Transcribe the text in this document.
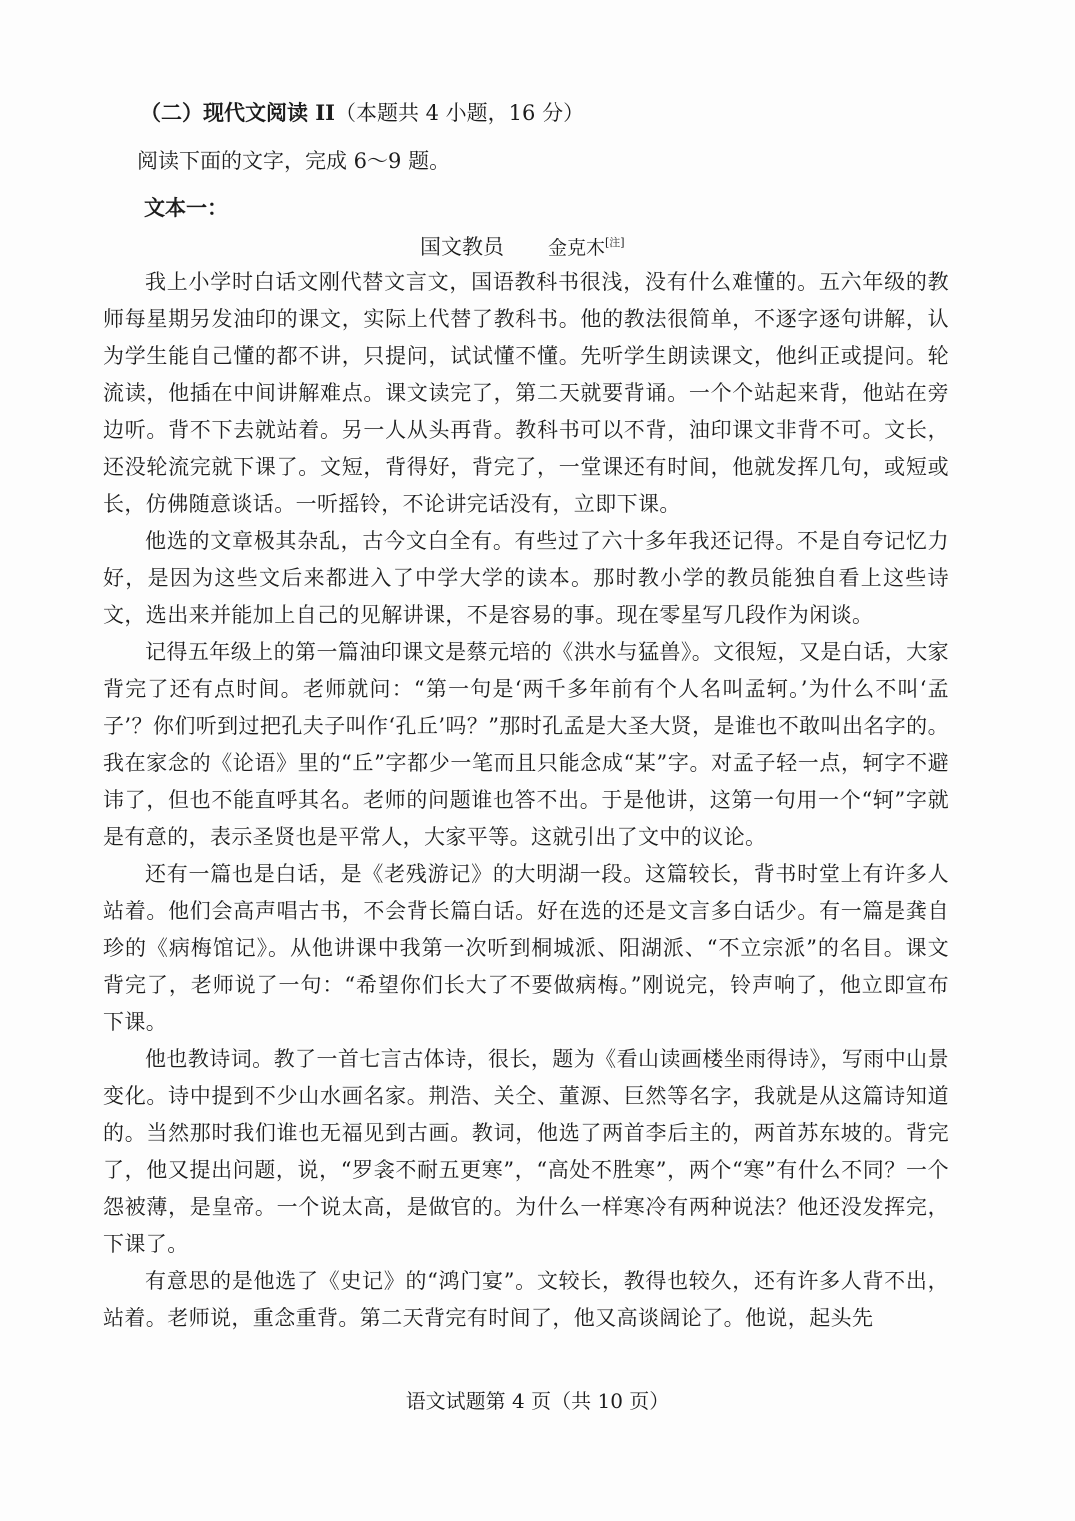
（二）现代文阅读 II（本题共 4 小题，16 分）
阅读下面的文字，完成 6～9 题。
文本一：
国文教员 金克木[注]

我上小学时白话文刚代替文言文，国语教科书很浅，没有什么难懂的。五六年级的教师每星期另发油印的课文，实际上代替了教科书。他的教法很简单，不逐字逐句讲解，认为学生能自己懂的都不讲，只提问，试试懂不懂。先听学生朗读课文，他纠正或提问。轮流读，他插在中间讲解难点。课文读完了，第二天就要背诵。一个个站起来背，他站在旁边听。背不下去就站着。另一人从头再背。教科书可以不背，油印课文非背不可。文长，还没轮流完就下课了。文短，背得好，背完了，一堂课还有时间，他就发挥几句，或短或长，仿佛随意谈话。一听摇铃，不论讲完话没有，立即下课。

他选的文章极其杂乱，古今文白全有。有些过了六十多年我还记得。不是自夸记忆力好，是因为这些文后来都进入了中学大学的读本。那时教小学的教员能独自看上这些诗文，选出来并能加上自己的见解讲课，不是容易的事。现在零星写几段作为闲谈。

记得五年级上的第一篇油印课文是蔡元培的《洪水与猛兽》。文很短，又是白话，大家背完了还有点时间。老师就问：“第一句是‘两千多年前有个人名叫孟轲。’为什么不叫‘孟子’？你们听到过把孔夫子叫作‘孔丘’吗？”那时孔孟是大圣大贤，是谁也不敢叫出名字的。我在家念的《论语》里的“丘”字都少一笔而且只能念成“某”字。对孟子轻一点，轲字不避讳了，但也不能直呼其名。老师的问题谁也答不出。于是他讲，这第一句用一个“轲”字就是有意的，表示圣贤也是平常人，大家平等。这就引出了文中的议论。

还有一篇也是白话，是《老残游记》的大明湖一段。这篇较长，背书时堂上有许多人站着。他们会高声唱古书，不会背长篇白话。好在选的还是文言多白话少。有一篇是龚自珍的《病梅馆记》。从他讲课中我第一次听到桐城派、阳湖派、“不立宗派”的名目。课文背完了，老师说了一句：“希望你们长大了不要做病梅。”刚说完，铃声响了，他立即宣布下课。

他也教诗词。教了一首七言古体诗，很长，题为《看山读画楼坐雨得诗》，写雨中山景变化。诗中提到不少山水画名家。荆浩、关仝、董源、巨然等名字，我就是从这篇诗知道的。当然那时我们谁也无福见到古画。教词，他选了两首李后主的，两首苏东坡的。背完了，他又提出问题，说，“罗衾不耐五更寒”，“高处不胜寒”，两个“寒”有什么不同？一个怨被薄，是皇帝。一个说太高，是做官的。为什么一样寒冷有两种说法？他还没发挥完，下课了。

有意思的是他选了《史记》的“鸿门宴”。文较长，教得也较久，还有许多人背不出，站着。老师说，重念重背。第二天背完有时间了，他又高谈阔论了。他说，起头先

语文试题第 4 页（共 10 页）
